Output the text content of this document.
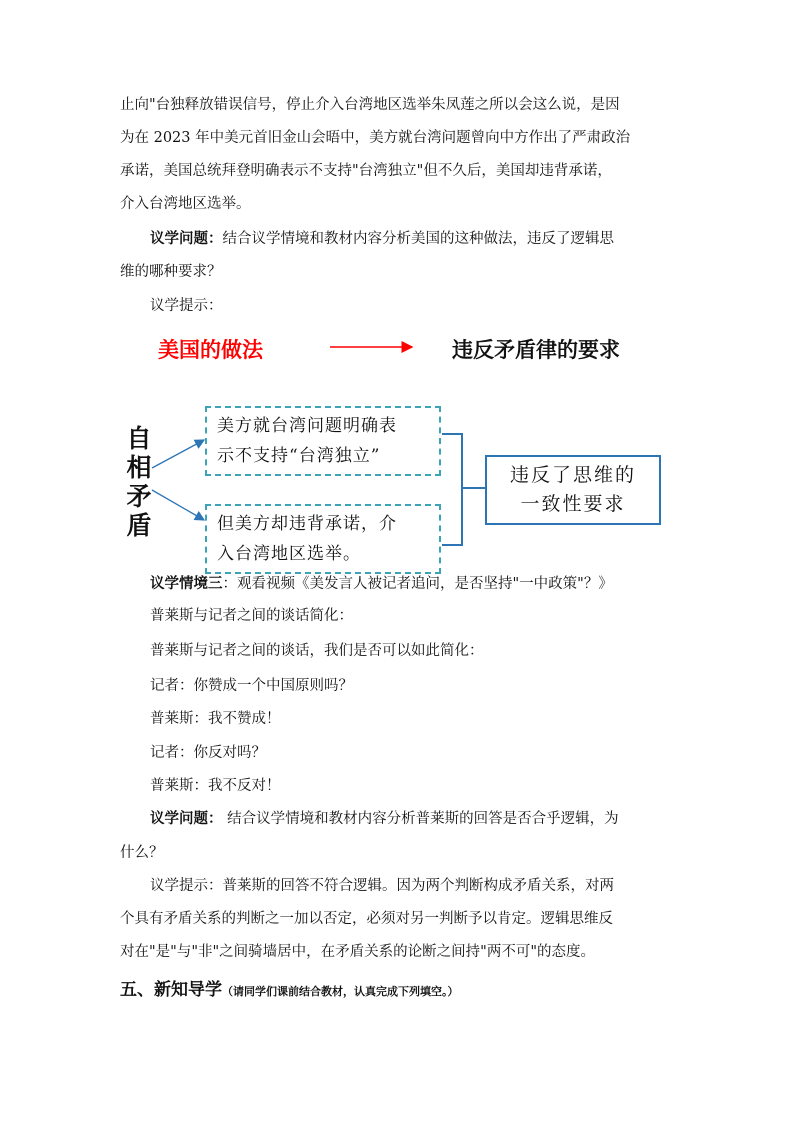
止向"台独释放错误信号，停止介入台湾地区选举朱凤莲之所以会这么说，是因
为在 2023 年中美元首旧金山会晤中，美方就台湾问题曾向中方作出了严肃政治
承诺，美国总统拜登明确表示不支持"台湾独立"但不久后，美国却违背承诺，
介入台湾地区选举。
议学问题：结合议学情境和教材内容分析美国的这种做法，违反了逻辑思
维的哪种要求？
议学提示：
美国的做法	违反矛盾律的要求
自
相
矛
盾
美方就台湾问题明确表
示不支持“台湾独立”
但美方却违背承诺，介
入台湾地区选举。
违反了思维的
一致性要求
议学情境三：观看视频《美发言人被记者追问，是否坚持"一中政策"？》
普莱斯与记者之间的谈话简化：
普莱斯与记者之间的谈话，我们是否可以如此简化：
记者：你赞成一个中国原则吗？
普莱斯：我不赞成！
记者：你反对吗？
普莱斯：我不反对！
议学问题： 结合议学情境和教材内容分析普莱斯的回答是否合乎逻辑，为
什么？
议学提示：普莱斯的回答不符合逻辑。因为两个判断构成矛盾关系，对两
个具有矛盾关系的判断之一加以否定，必须对另一判断予以肯定。逻辑思维反
对在"是"与"非"之间骑墙居中，在矛盾关系的论断之间持"两不可"的态度。
五、新知导学（请同学们课前结合教材，认真完成下列填空。）
